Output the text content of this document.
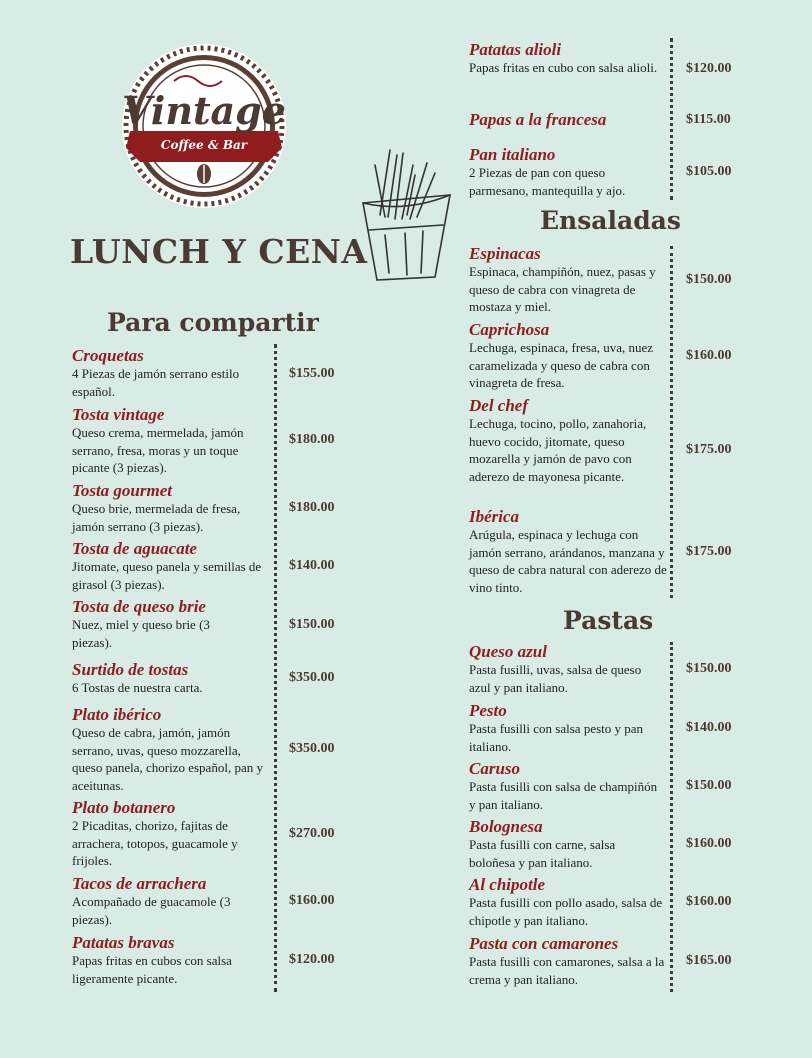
Vintage
Coffee & Bar
LUNCH Y CENA
Para compartir
Ensaladas
Pastas

Croquetas

4 Piezas de jamón serrano estilo español.

$155.00

Tosta vintage

Queso crema, mermelada, jamón serrano, fresa, moras y un toque picante (3 piezas).

$180.00

Tosta gourmet

Queso brie, mermelada de fresa, jamón serrano (3 piezas).

$180.00

Tosta de aguacate

Jitomate, queso panela y semillas de girasol (3 piezas).

$140.00

Tosta de queso brie

Nuez, miel y queso brie (3 piezas).

$150.00

Surtido de tostas

6 Tostas de nuestra carta.

$350.00

Plato ibérico

Queso de cabra, jamón, jamón serrano, uvas, queso mozzarella, queso panela, chorizo español, pan y aceitunas.

$350.00

Plato botanero

2 Picaditas, chorizo, fajitas de arrachera, totopos, guacamole y frijoles.

$270.00

Tacos de arrachera

Acompañado de guacamole (3 piezas).

$160.00

Patatas bravas

Papas fritas en cubos con salsa ligeramente picante.

$120.00

Patatas alioli

Papas fritas en cubo con salsa alioli.	$120.00

Papas a la francesa	$115.00

Pan italiano

2 Piezas de pan con queso parmesano, mantequilla y ajo.

$105.00

Espinacas

Espinaca, champiñón, nuez, pasas y queso de cabra con vinagreta de mostaza y miel.

$150.00

Caprichosa

Lechuga, espinaca, fresa, uva, nuez caramelizada y queso de cabra con vinagreta de fresa.

$160.00

Del chef

Lechuga, tocino, pollo, zanahoria, huevo cocido, jitomate, queso mozarella y jamón de pavo con aderezo de mayonesa picante.

$175.00

Ibérica

Arúgula, espinaca y lechuga con jamón serrano, arándanos, manzana y queso de cabra natural con aderezo de vino tinto.

$175.00

Queso azul

Pasta fusilli, uvas, salsa de queso azul y pan italiano.

$150.00

Pesto

Pasta fusilli con salsa pesto y pan italiano.

$140.00

Caruso

Pasta fusilli con salsa de champiñón y pan italiano.

$150.00

Bolognesa

Pasta fusilli con carne, salsa boloñesa y pan italiano.

$160.00

Al chipotle

Pasta fusilli con pollo asado, salsa de chipotle y pan italiano.

$160.00

Pasta con camarones

Pasta fusilli con camarones, salsa a la crema y pan italiano.

$165.00
